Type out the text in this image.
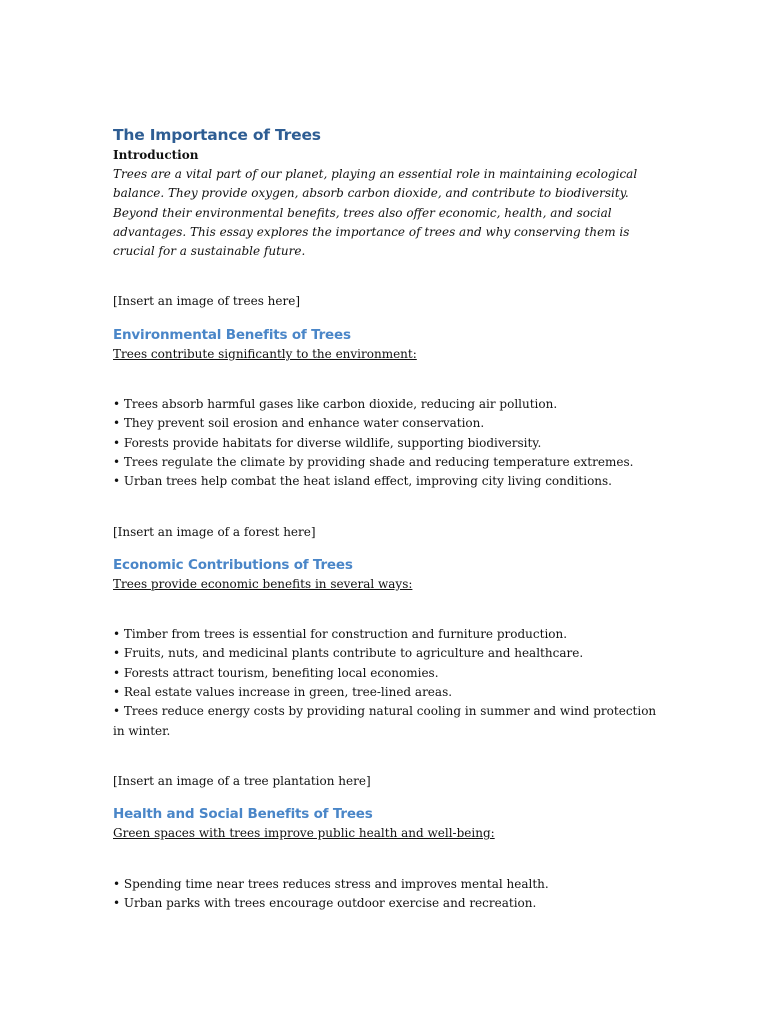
The Importance of Trees

Introduction

Trees are a vital part of our planet, playing an essential role in maintaining ecological balance. They provide oxygen, absorb carbon dioxide, and contribute to biodiversity. Beyond their environmental benefits, trees also offer economic, health, and social advantages. This essay explores the importance of trees and why conserving them is crucial for a sustainable future.

[Insert an image of trees here]

Environmental Benefits of Trees

Trees contribute significantly to the environment:

• Trees absorb harmful gases like carbon dioxide, reducing air pollution.
• They prevent soil erosion and enhance water conservation.
• Forests provide habitats for diverse wildlife, supporting biodiversity.
• Trees regulate the climate by providing shade and reducing temperature extremes.
• Urban trees help combat the heat island effect, improving city living conditions.

[Insert an image of a forest here]

Economic Contributions of Trees

Trees provide economic benefits in several ways:

• Timber from trees is essential for construction and furniture production.
• Fruits, nuts, and medicinal plants contribute to agriculture and healthcare.
• Forests attract tourism, benefiting local economies.
• Real estate values increase in green, tree-lined areas.
• Trees reduce energy costs by providing natural cooling in summer and wind protection in winter.

[Insert an image of a tree plantation here]

Health and Social Benefits of Trees

Green spaces with trees improve public health and well-being:

• Spending time near trees reduces stress and improves mental health.
• Urban parks with trees encourage outdoor exercise and recreation.
